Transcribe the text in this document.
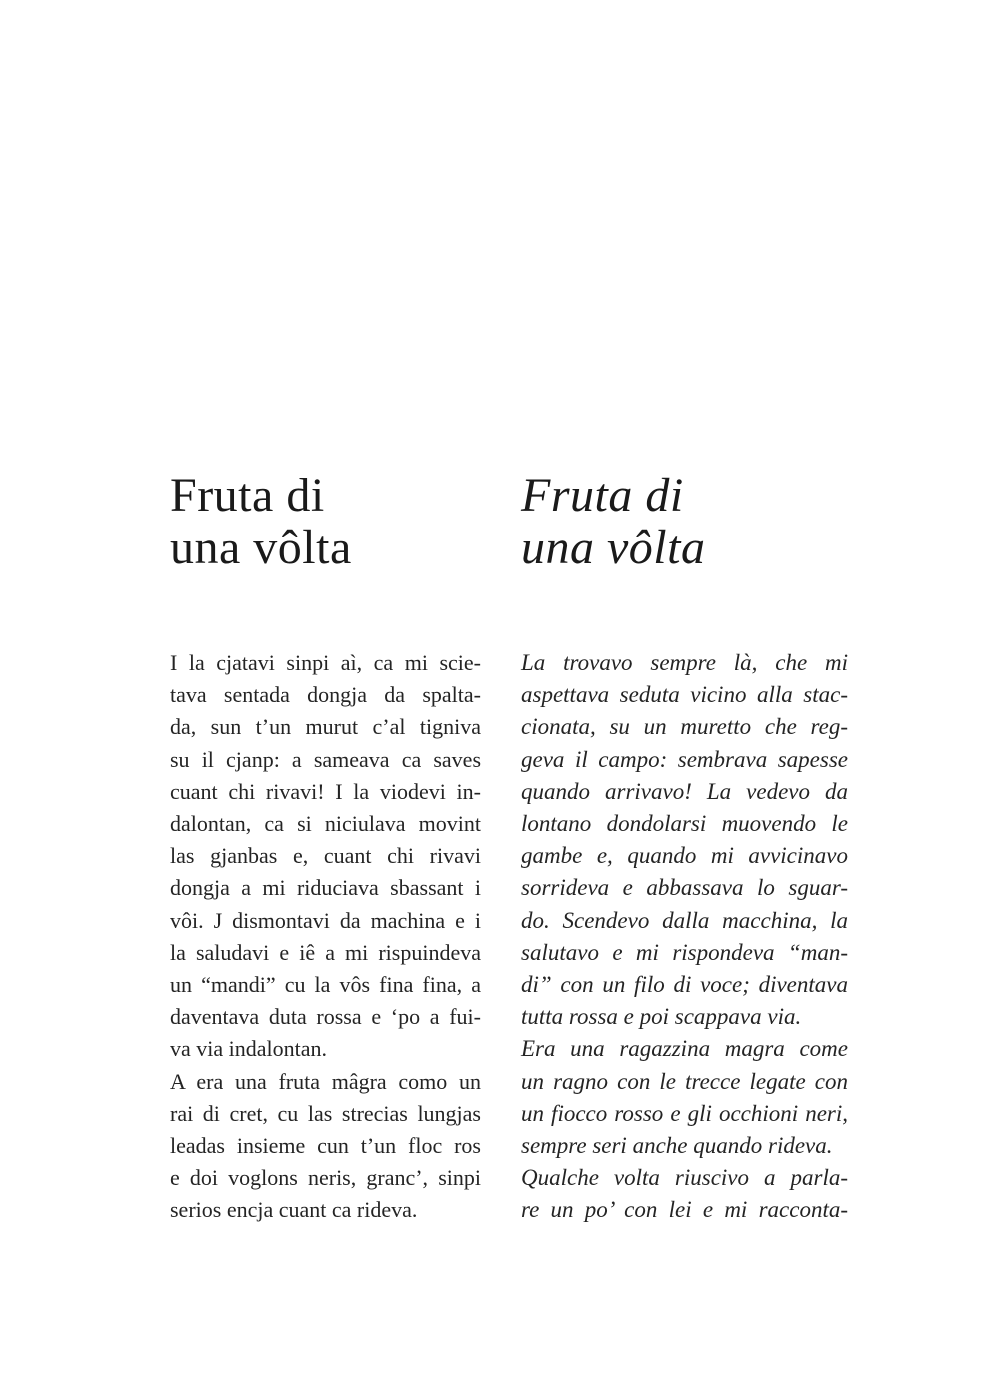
Fruta di
una vôlta
I la cjatavi sinpi aì, ca mi scie-
tava sentada dongja da spalta-
da, sun t’un murut c’al tigniva
su il cjanp: a sameava ca saves
cuant chi rivavi! I la viodevi in-
dalontan, ca si niciulava movint
las gjanbas e, cuant chi rivavi
dongja a mi riduciava sbassant i
vôi. J dismontavi da machina e i
la saludavi e iê a mi rispuindeva
un “mandi” cu la vôs fina fina, a
daventava duta rossa e ‘po a fui-
va via indalontan.
A era una fruta mâgra como un
rai di cret, cu las strecias lungjas
leadas insieme cun t’un floc ros
e doi voglons neris, granc’, sinpi
serios encja cuant ca rideva.
Fruta di
una vôlta
La trovavo sempre là, che mi
aspettava seduta vicino alla stac-
cionata, su un muretto che reg-
geva il campo: sembrava sapesse
quando arrivavo! La vedevo da
lontano dondolarsi muovendo le
gambe e, quando mi avvicinavo
sorrideva e abbassava lo sguar-
do. Scendevo dalla macchina, la
salutavo e mi rispondeva “man-
di” con un filo di voce; diventava
tutta rossa e poi scappava via.
Era una ragazzina magra come
un ragno con le trecce legate con
un fiocco rosso e gli occhioni neri,
sempre seri anche quando rideva.
Qualche volta riuscivo a parla-
re un po’ con lei e mi racconta-
